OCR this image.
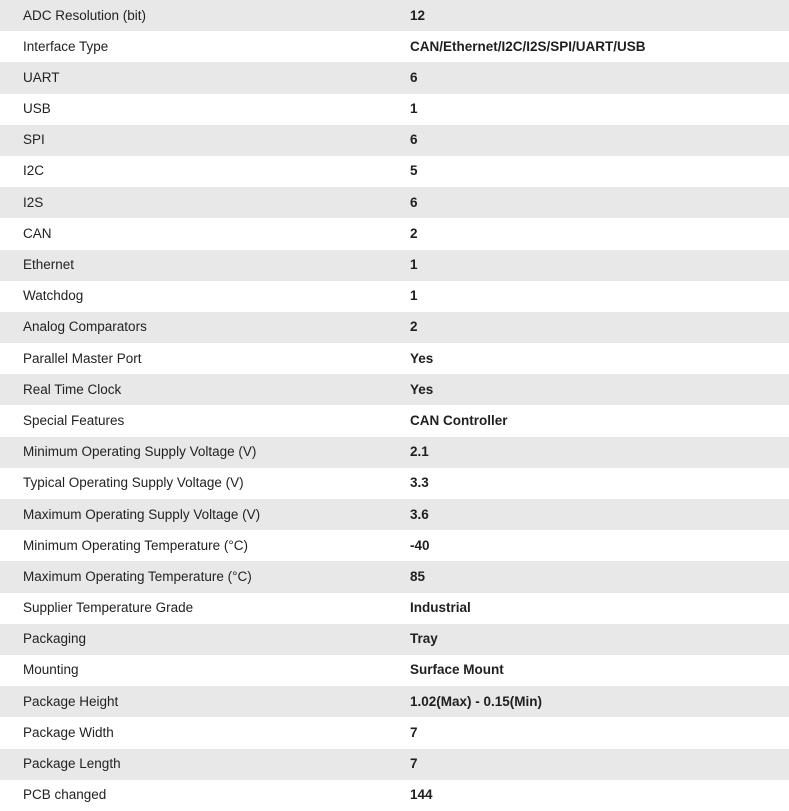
ADC Resolution (bit)	12
Interface Type	CAN/Ethernet/I2C/I2S/SPI/UART/USB
UART	6
USB	1
SPI	6
I2C	5
I2S	6
CAN	2
Ethernet	1
Watchdog	1
Analog Comparators	2
Parallel Master Port	Yes
Real Time Clock	Yes
Special Features	CAN Controller
Minimum Operating Supply Voltage (V)	2.1
Typical Operating Supply Voltage (V)	3.3
Maximum Operating Supply Voltage (V)	3.6
Minimum Operating Temperature (°C)	-40
Maximum Operating Temperature (°C)	85
Supplier Temperature Grade	Industrial
Packaging	Tray
Mounting	Surface Mount
Package Height	1.02(Max) - 0.15(Min)
Package Width	7
Package Length	7
PCB changed	144
